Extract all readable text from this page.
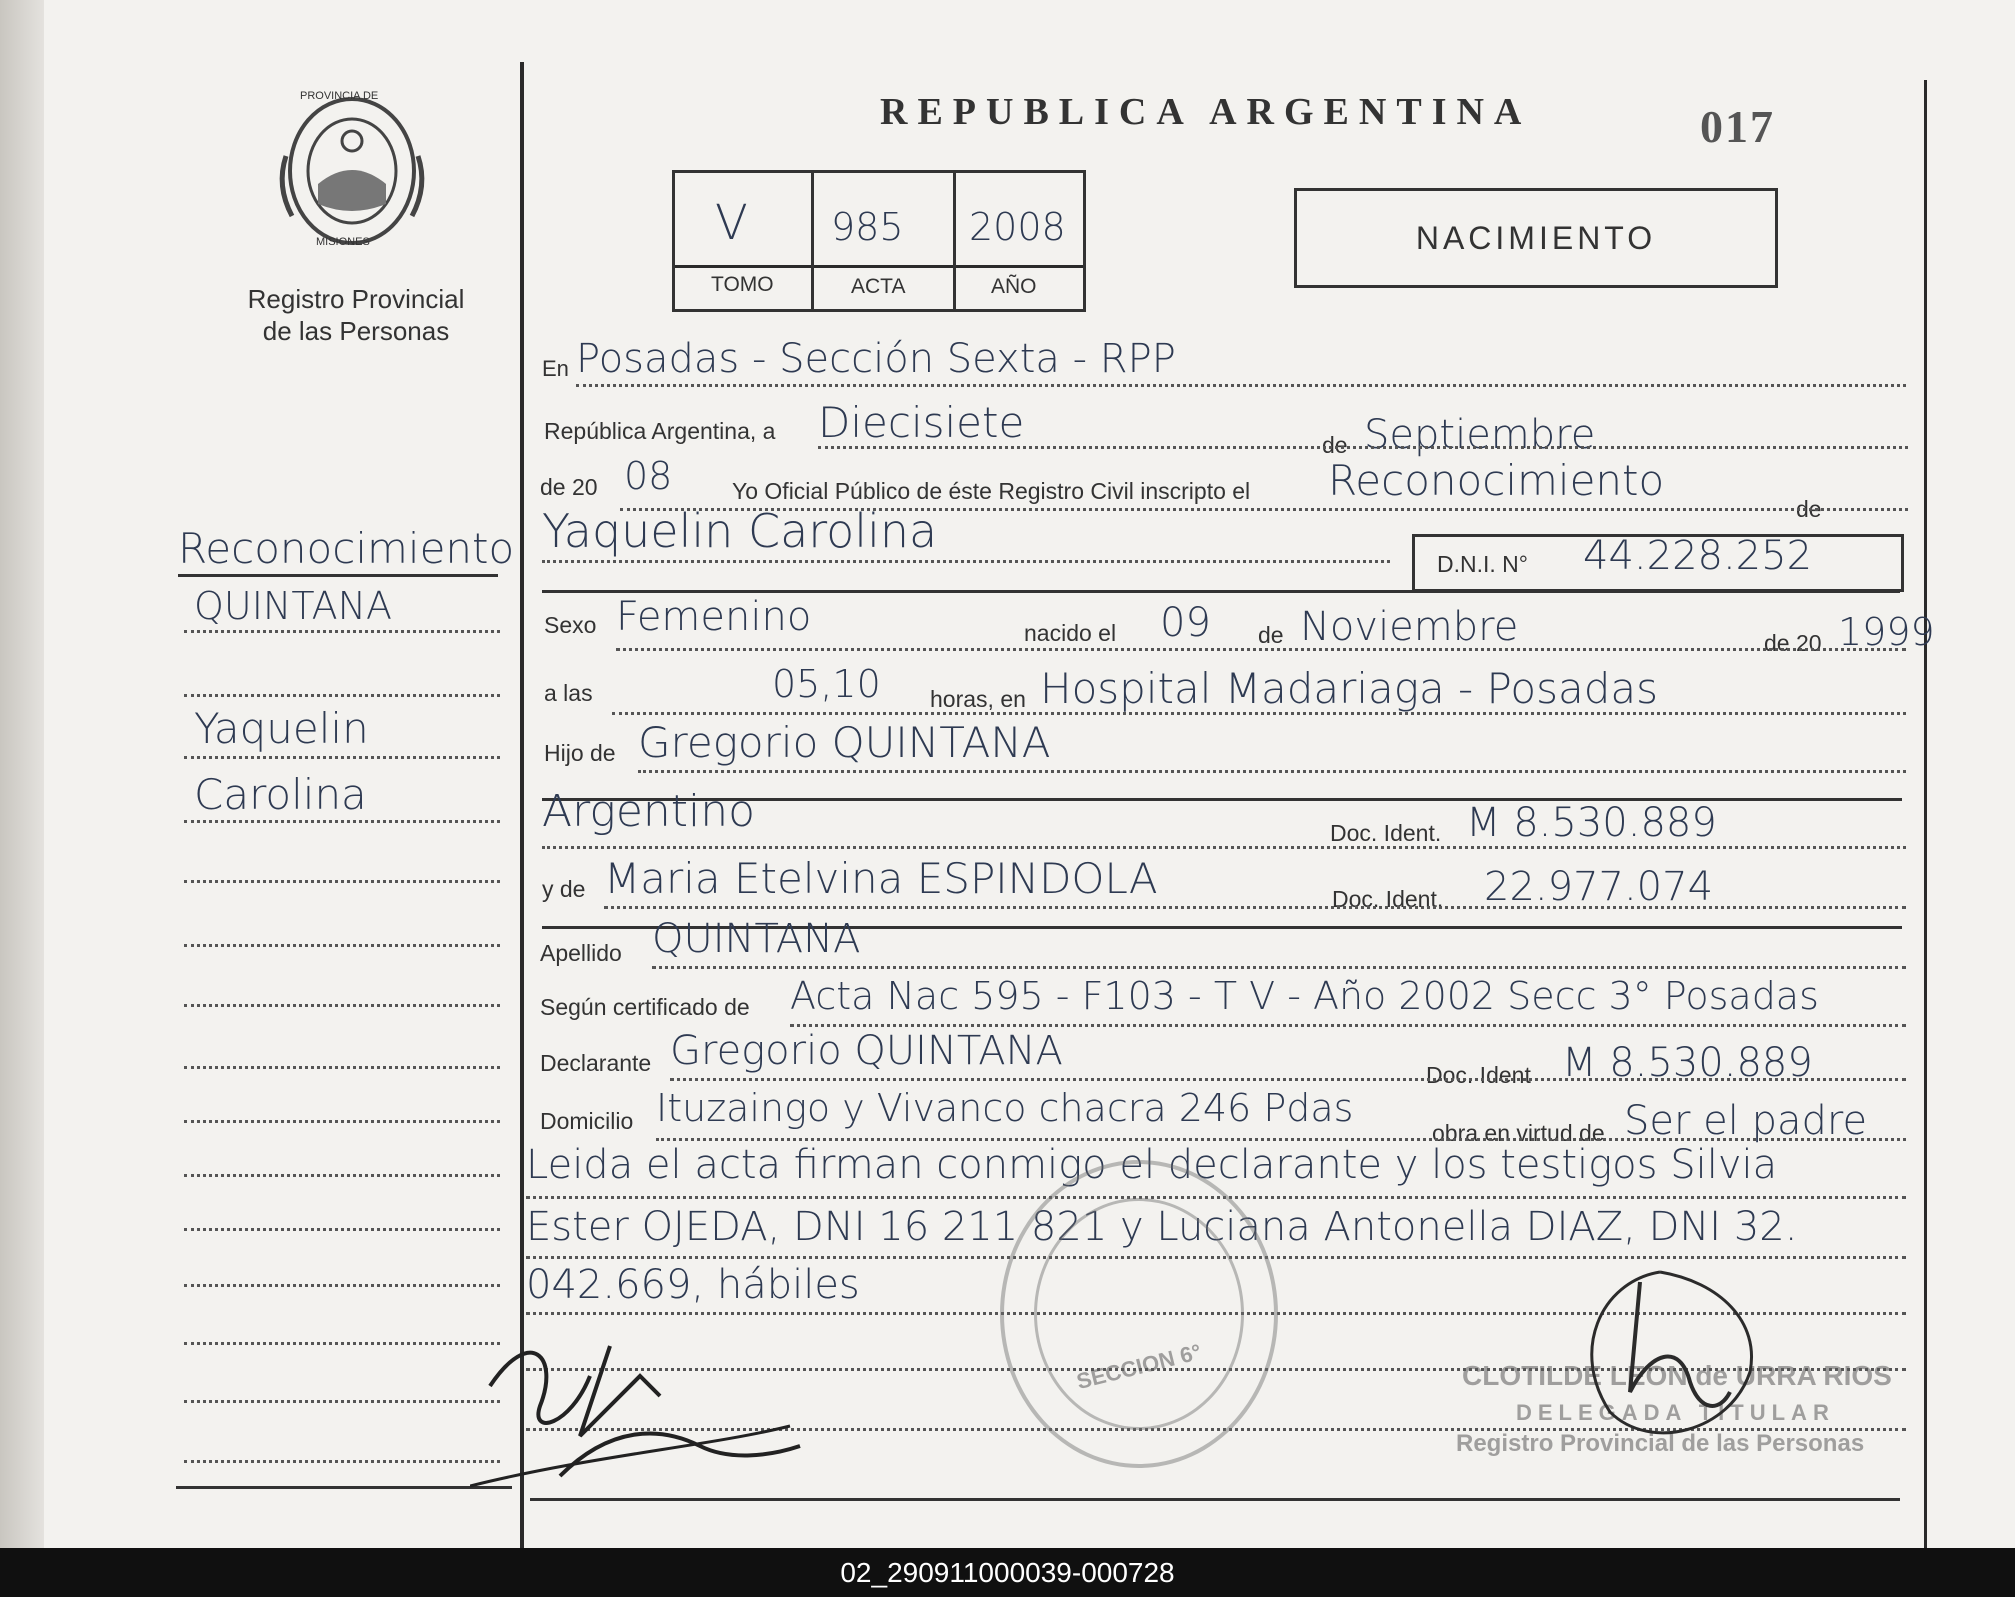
PROVINCIA DE
MISIONES
Registro Provincial
de las Personas
REPUBLICA ARGENTINA	017
V 985 2008
TOMO	ACTA	AÑO
NACIMIENTO
Reconocimiento
QUINTANA
Yaquelin
Carolina
En Posadas - Sección Sexta - RPP
República Argentina, a Diecisiete	de Septiembre
de 20 08	Yo Oficial Público de éste Registro Civil inscripto el Reconocimiento
de
Yaquelin Carolina
D.N.I. N° 44.228.252
Sexo Femenino	nacido el 09 de Noviembre	de 20 1999
a las	05,10 horas, en Hospital Madariaga - Posadas
Hijo de Gregorio QUINTANA
Argentino	Doc. Ident. M 8.530.889
y de Maria Etelvina ESPINDOLA	Doc. Ident. 22.977.074
Apellido QUINTANA
Según certificado de Acta Nac 595 - F103 - T V - Año 2002 Secc 3° Posadas
Declarante Gregorio QUINTANA
Doc. Ident M 8.530.889
Domicilio Ituzaingo y Vivanco chacra 246 Pdas
obra en virtud de Ser el padre
Leida el acta firman conmigo el declarante y los testigos Silvia
Ester OJEDA, DNI 16 211 821 y Luciana Antonella DIAZ, DNI 32.
042.669, hábiles
SECCION 6°	CLOTILDE LEON de URRA RIOS
DELEGADA TITULAR
Registro Provincial de las Personas
02_290911000039-000728
